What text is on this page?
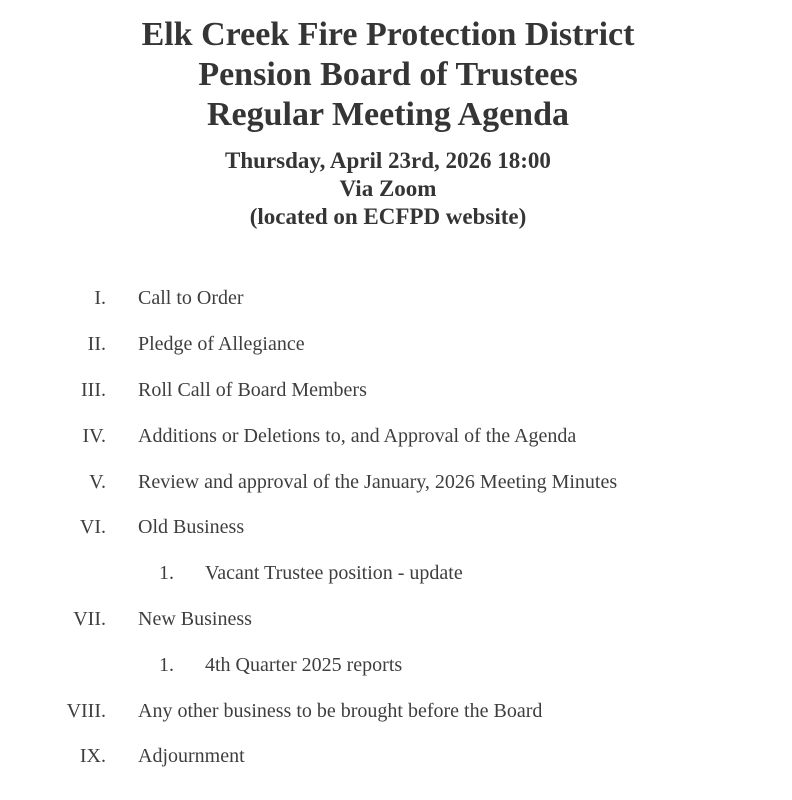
Elk Creek Fire Protection District
Pension Board of Trustees
Regular Meeting Agenda
Thursday, April 23rd, 2026 18:00
Via Zoom
(located on ECFPD website)
I. Call to Order
II. Pledge of Allegiance
III. Roll Call of Board Members
IV. Additions or Deletions to, and Approval of the Agenda
V. Review and approval of the January, 2026 Meeting Minutes
VI. Old Business
1. Vacant Trustee position - update
VII. New Business
1. 4th Quarter 2025 reports
VIII. Any other business to be brought before the Board
IX. Adjournment
